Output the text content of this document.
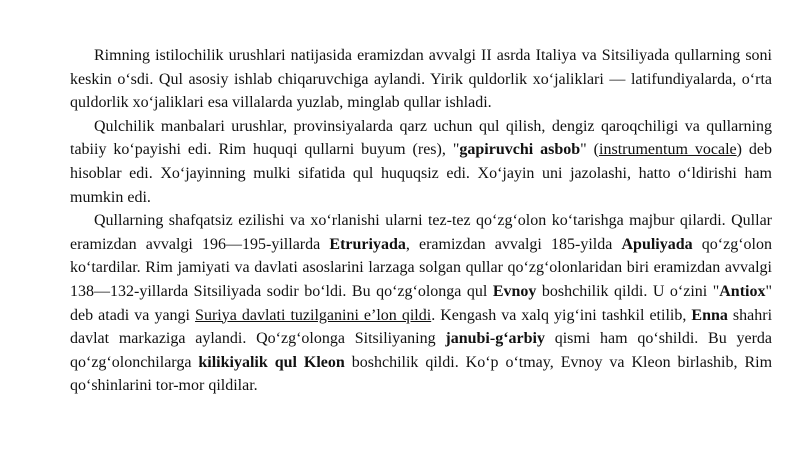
Rimning istilochilik urushlari natijasida eramizdan avvalgi II asrda Italiya va Sitsiliyada qullarning soni keskin o‘sdi. Qul asosiy ishlab chiqaruvchiga aylandi. Yirik quldorlik xo‘jaliklari — latifundiyalarda, o‘rta quldorlik xo‘jaliklari esa villalarda yuzlab, minglab qullar ishladi.

Qulchilik manbalari urushlar, provinsiyalarda qarz uchun qul qilish, dengiz qaroqchiligi va qullarning tabiiy ko‘payishi edi. Rim huquqi qullarni buyum (res), "gapiruvchi asbob" (instrumentum vocale) deb hisoblar edi. Xo‘jayinning mulki sifatida qul huquqsiz edi. Xo‘jayin uni jazolashi, hatto o‘ldirishi ham mumkin edi.

Qullarning shafqatsiz ezilishi va xo‘rlanishi ularni tez-tez qo‘zg‘olon ko‘tarishga majbur qilardi. Qullar eramizdan avvalgi 196—195-yillarda Etruriyada, eramizdan avvalgi 185-yilda Apuliyada qo‘zg‘olon ko‘tardilar. Rim jamiyati va davlati asoslarini larzaga solgan qullar qo‘zg‘olonlaridan biri eramizdan avvalgi 138—132-yillarda Sitsiliyada sodir bo‘ldi. Bu qo‘zg‘olonga qul Evnoy boshchilik qildi. U o‘zini "Antiox" deb atadi va yangi Suriya davlati tuzilganini e’lon qildi. Kengash va xalq yig‘ini tashkil etilib, Enna shahri davlat markaziga aylandi. Qo‘zg‘olonga Sitsiliyaning janubi-g‘arbiy qismi ham qo‘shildi. Bu yerda qo‘zg‘olonchilarga kilikiyalik qul Kleon boshchilik qildi. Ko‘p o‘tmay, Evnoy va Kleon birlashib, Rim qo‘shinlarini tor-mor qildilar.
